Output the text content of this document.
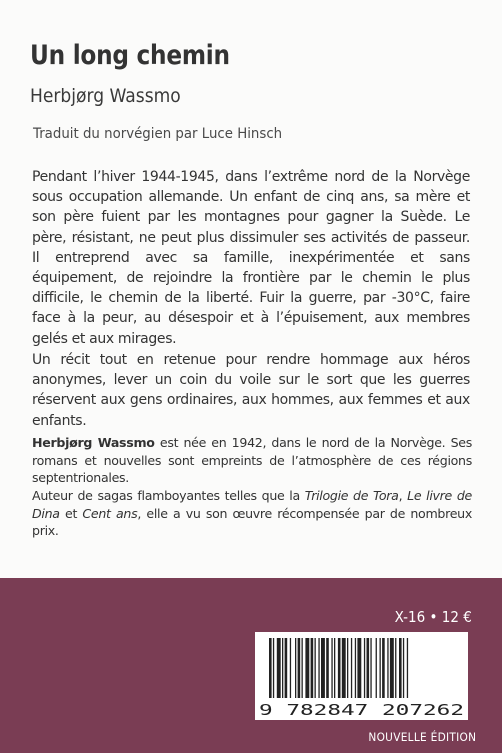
Un long chemin
Herbjørg Wassmo
Traduit du norvégien par Luce Hinsch

Pendant l’hiver 1944-1945, dans l’extrême nord de la Norvège sous occupation allemande. Un enfant de cinq ans, sa mère et son père fuient par les montagnes pour gagner la Suède. Le père, résistant, ne peut plus dissimuler ses activités de passeur. Il entreprend avec sa famille, inexpérimentée et sans équipement, de rejoindre la frontière par le chemin le plus difficile, le chemin de la liberté. Fuir la guerre, par -30°C, faire face à la peur, au désespoir et à l’épuisement, aux membres gelés et aux mirages.

Un récit tout en retenue pour rendre hommage aux héros anonymes, lever un coin du voile sur le sort que les guerres réservent aux gens ordinaires, aux hommes, aux femmes et aux enfants.

Herbjørg Wassmo est née en 1942, dans le nord de la Norvège. Ses romans et nouvelles sont empreints de l’atmosphère de ces régions septentrionales.

Auteur de sagas flamboyantes telles que la Trilogie de Tora, Le livre de Dina et Cent ans, elle a vu son œuvre récompensée par de nombreux prix.

X-16 • 12 €
9 782847 207262
NOUVELLE ÉDITION
